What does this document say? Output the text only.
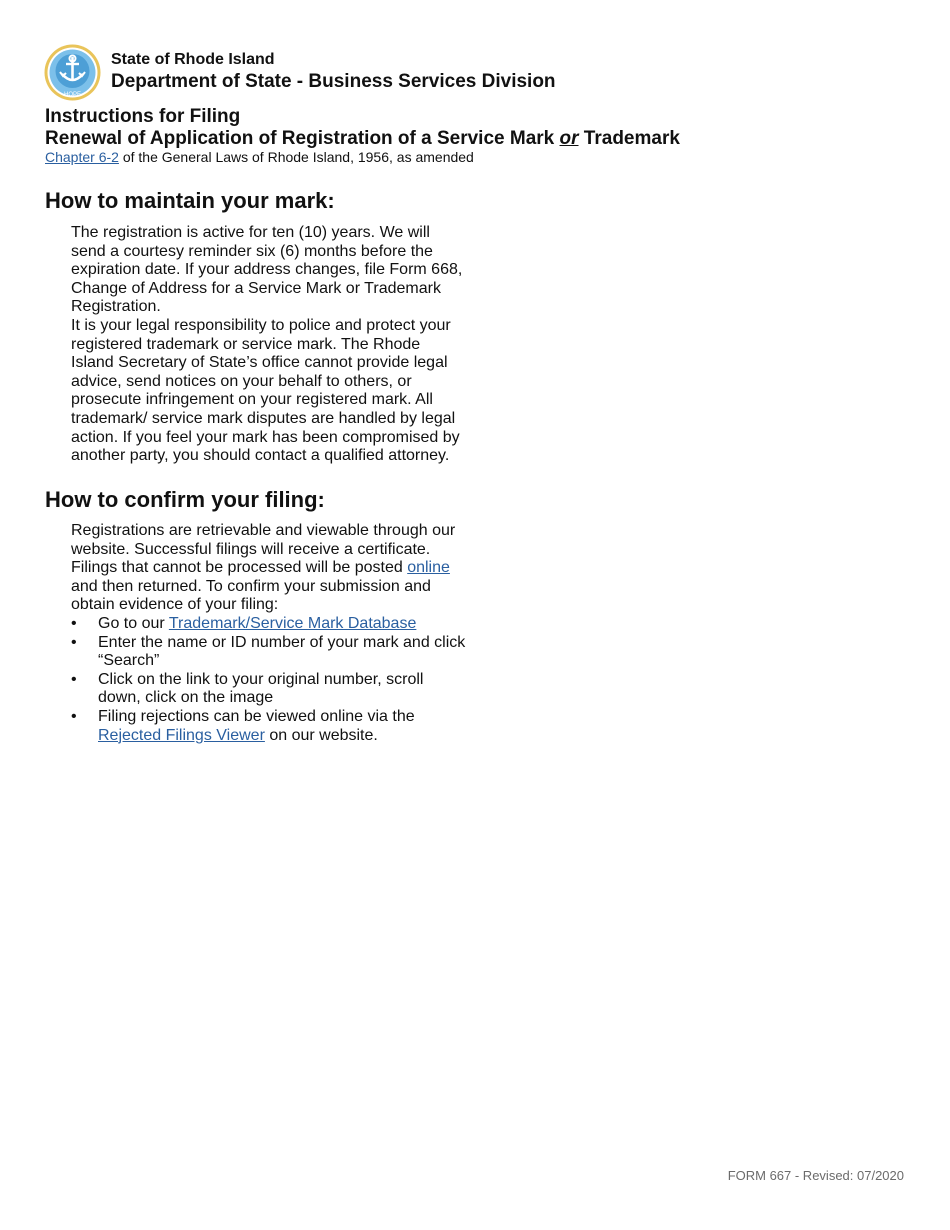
HOPE
State of Rhode Island
Department of State - Business Services Division
Instructions for Filing
Renewal of Application of Registration of a Service Mark or Trademark
Chapter 6-2 of the General Laws of Rhode Island, 1956, as amended
How to maintain your mark:

The registration is active for ten (10) years. We will send a courtesy reminder six (6) months before the expiration date. If your address changes, file Form 668, Change of Address for a Service Mark or Trademark Registration.

It is your legal responsibility to police and protect your registered trademark or service mark. The Rhode Island Secretary of State’s office cannot provide legal advice, send notices on your behalf to others, or prosecute infringement on your registered mark. All trademark/ service mark disputes are handled by legal action. If you feel your mark has been compromised by another party, you should contact a qualified attorney.

How to confirm your filing:

Registrations are retrievable and viewable through our website. Successful filings will receive a certificate. Filings that cannot be processed will be posted online and then returned. To confirm your submission and obtain evidence of your filing:

• Go to our Trademark/Service Mark Database
• Enter the name or ID number of your mark and click “Search”
• Click on the link to your original number, scroll down, click on the image
• Filing rejections can be viewed online via the Rejected Filings Viewer on our website.
FORM 667 - Revised: 07/2020
